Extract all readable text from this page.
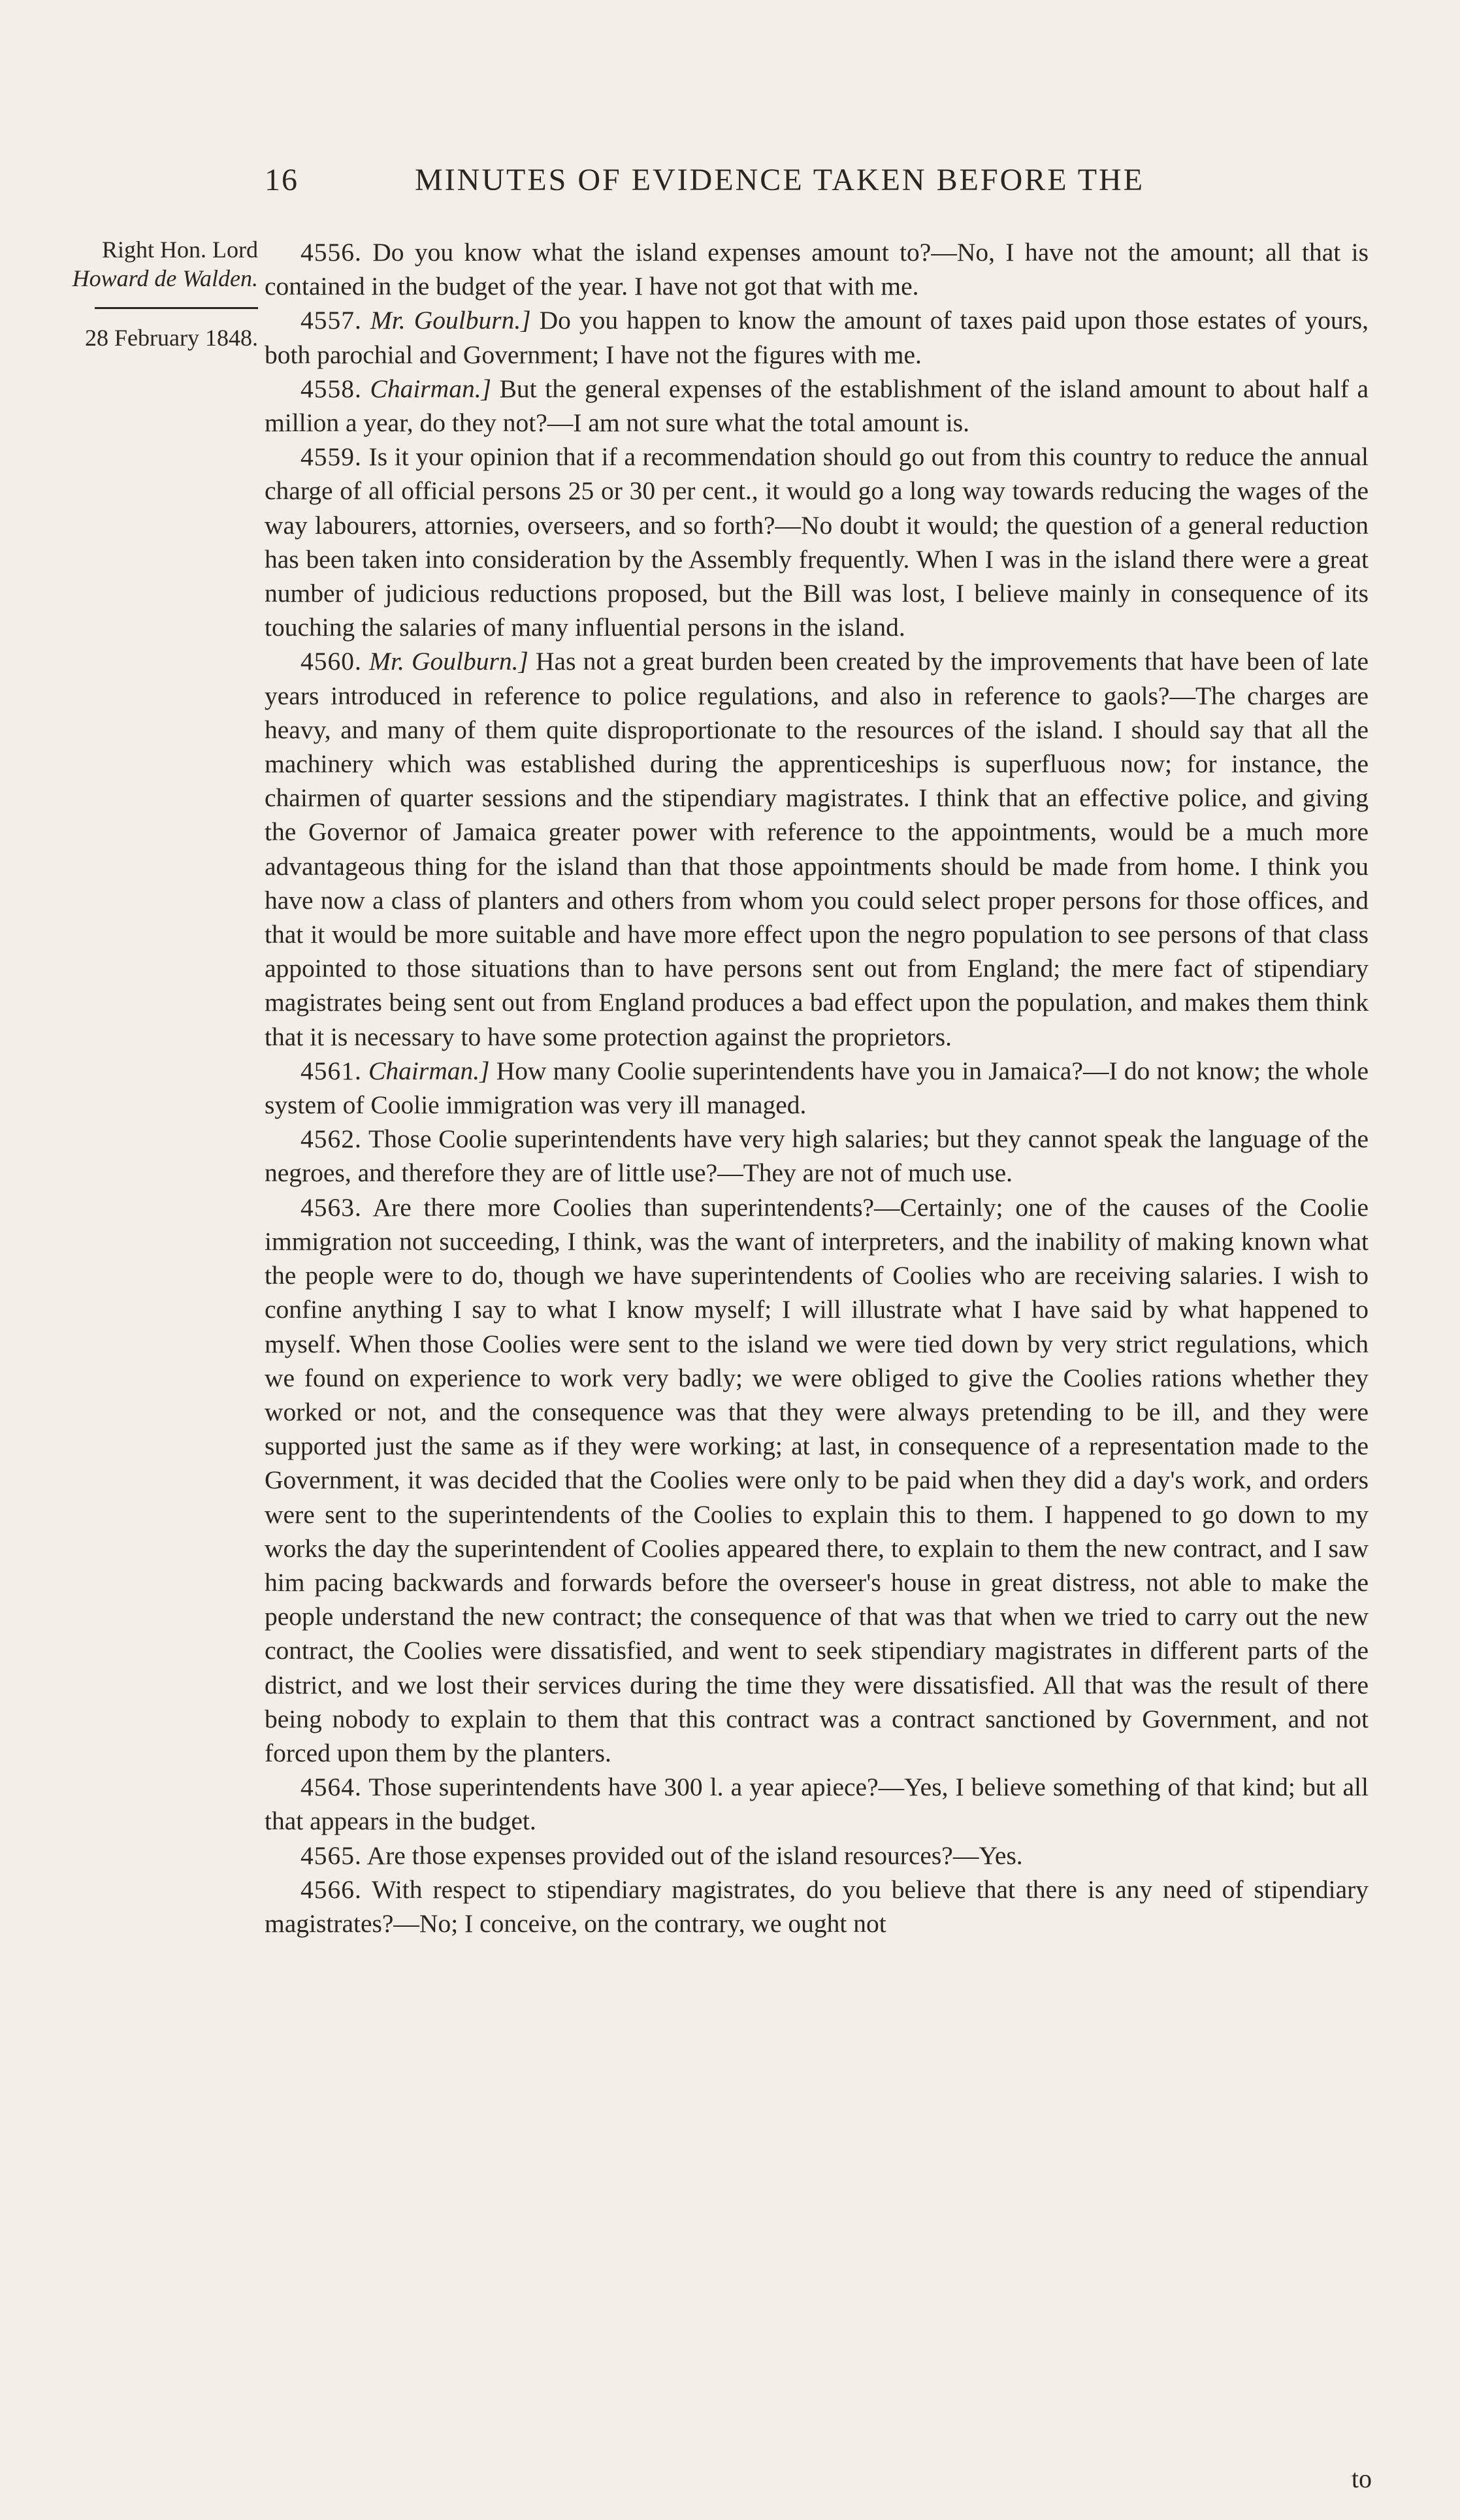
16	MINUTES OF EVIDENCE TAKEN BEFORE THE
Right Hon. Lord
Howard de Walden.
28 February 1848.

4556. Do you know what the island expenses amount to?—No, I have not the amount; all that is contained in the budget of the year. I have not got that with me.

4557. Mr. Goulburn.] Do you happen to know the amount of taxes paid upon those estates of yours, both parochial and Government; I have not the figures with me.

4558. Chairman.] But the general expenses of the establishment of the island amount to about half a million a year, do they not?—I am not sure what the total amount is.

4559. Is it your opinion that if a recommendation should go out from this country to reduce the annual charge of all official persons 25 or 30 per cent., it would go a long way towards reducing the wages of the way labourers, attornies, overseers, and so forth?—No doubt it would; the question of a general reduction has been taken into consideration by the Assembly frequently. When I was in the island there were a great number of judicious reductions proposed, but the Bill was lost, I believe mainly in consequence of its touching the salaries of many influential persons in the island.

4560. Mr. Goulburn.] Has not a great burden been created by the improvements that have been of late years introduced in reference to police regulations, and also in reference to gaols?—The charges are heavy, and many of them quite disproportionate to the resources of the island. I should say that all the machinery which was established during the apprenticeships is superfluous now; for instance, the chairmen of quarter sessions and the stipendiary magistrates. I think that an effective police, and giving the Governor of Jamaica greater power with reference to the appointments, would be a much more advantageous thing for the island than that those appointments should be made from home. I think you have now a class of planters and others from whom you could select proper persons for those offices, and that it would be more suitable and have more effect upon the negro population to see persons of that class appointed to those situations than to have persons sent out from England; the mere fact of stipendiary magistrates being sent out from England produces a bad effect upon the population, and makes them think that it is necessary to have some protection against the proprietors.

4561. Chairman.] How many Coolie superintendents have you in Jamaica?—I do not know; the whole system of Coolie immigration was very ill managed.

4562. Those Coolie superintendents have very high salaries; but they cannot speak the language of the negroes, and therefore they are of little use?—They are not of much use.

4563. Are there more Coolies than superintendents?—Certainly; one of the causes of the Coolie immigration not succeeding, I think, was the want of interpreters, and the inability of making known what the people were to do, though we have superintendents of Coolies who are receiving salaries. I wish to confine anything I say to what I know myself; I will illustrate what I have said by what happened to myself. When those Coolies were sent to the island we were tied down by very strict regulations, which we found on experience to work very badly; we were obliged to give the Coolies rations whether they worked or not, and the consequence was that they were always pretending to be ill, and they were supported just the same as if they were working; at last, in consequence of a representation made to the Government, it was decided that the Coolies were only to be paid when they did a day's work, and orders were sent to the superintendents of the Coolies to explain this to them. I happened to go down to my works the day the superintendent of Coolies appeared there, to explain to them the new contract, and I saw him pacing backwards and forwards before the overseer's house in great distress, not able to make the people understand the new contract; the consequence of that was that when we tried to carry out the new contract, the Coolies were dissatisfied, and went to seek stipendiary magistrates in different parts of the district, and we lost their services during the time they were dissatisfied. All that was the result of there being nobody to explain to them that this contract was a contract sanctioned by Government, and not forced upon them by the planters.

4564. Those superintendents have 300 l. a year apiece?—Yes, I believe something of that kind; but all that appears in the budget.

4565. Are those expenses provided out of the island resources?—Yes.

4566. With respect to stipendiary magistrates, do you believe that there is any need of stipendiary magistrates?—No; I conceive, on the contrary, we ought not

to
